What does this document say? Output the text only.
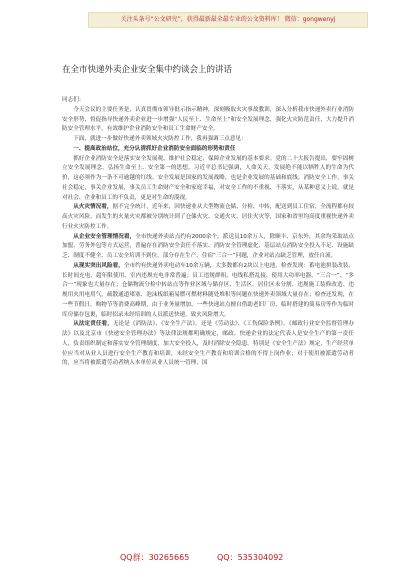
关注头条号“公文研究”，获得最新最全最专业的公文资料库！ 微信：gongwenyj
在全市快递外卖企业安全集中约谈会上的讲话

同志们：

今天会议的主要任务是，认真贯彻市领导批示指示精神，深刻吸取火灾事故教训，深入分析我市快递外卖行业消防安全形势，督促指导快递外卖企业进一步增强“人民至上、生命至上”和安全发展理念，强化火灾防范责任，大力提升消防安全管理水平，有效维护企业消防安全和员工生命财产安全。

下面，就进一步做好快递外卖领域火灾防控工作，我再强调三点意见：

一、提高政治站位，充分认清抓好企业消防安全面临的形势和责任

抓好企业消防安全是落实安全发展观、维护社会稳定、保障企业发展的基本要求。党的二十大报告提出，要牢固树立安全发展理念，弘扬生命至上、安全第一的思想。习近平总书记强调，人命关天，发展绝不能以牺牲人的生命为代价，这必须作为一条不可逾越的红线。安全发展是国家的发展战略，也是企业发展的基础和底线。消防安全工作，事关社会稳定，事关企业发展，事关员工生命财产安全和家庭幸福，对安全工作的不重视、不落实，从某种意义上说，就是对社会、企业和员工的不负责，更是对生命的漠视。

从火灾情况看，据不完全统计，近年来，因快递业从大型物流仓储、分检、中转，配送到员工住宿，全流程都有较高火灾风险，而发生的火量火灾都被分别统计到了仓储火灾、交通火灾、居住火灾等，国家和省里均高度重视快递外卖行业火灾防控工作。

从企业安全管理情况看，全市快递外卖站点约有2000余个，派送员10余万人，除顺丰、京东外，其余均采取站点加盟、劳务外包等方式运营，普遍存在消防安全责任不落实、消防安全管理虚化、基层站点消防安全投入不足、设施缺乏、制度不健全、员工安全培训不到位，部分存在生产、住宿“三合一”问题，企业对站点缺乏管理，放任自流。

从现实突出风险看，全市约有快递外卖电动车10余万辆，大多数都有2块以上电池，检查发现：蓄电池拼装改装、长时间充电、超年限使用、室内违规充电非常普遍；员工违规群租、电线私搭乱接、使用大功率电器、“三合一”、“多合一”现象也大量存在；仓储物流分检中转站点等作业区域与储存区、生活区、居住区未分割、违规施工装修改造、违规用火用电用气，疏散通道堵塞、泡沫板纸箱易燃可燃材料随处堆积等问题在快递外卖领域大量存在；检查还发现，在一些节假日，购物节等消费高峰期，由于业务量增加，一些快递站点擅自借助老旧厂房、临时搭建的简易房等作为临时库房储存包裹，临时招录未经培训的人员派送快递，致火风险增大。

从法定责任看，无论是《消防法》、《安全生产法》，还是《劳动法》、《工伤保险条例》、《邮政行业安全监督管理办法》以及北京市《快递安全管理办法》等法律法规都明确规定，邮政、快递企业的法定代表人是安全生产的第一责任人，负责组织制定和落实安全管理制度，加大安全投入，及时消除安全隐患。特别是《安全生产法》规定，生产经营单位应当对从业人员进行安全生产教育和培训，未经安全生产教育和培训合格的不得上岗作业；对于使用被派遣劳动者的，应当将被派遣劳动者纳入本单位从业人员统一管理，国

QQ群：30265665	QQ：535304092
